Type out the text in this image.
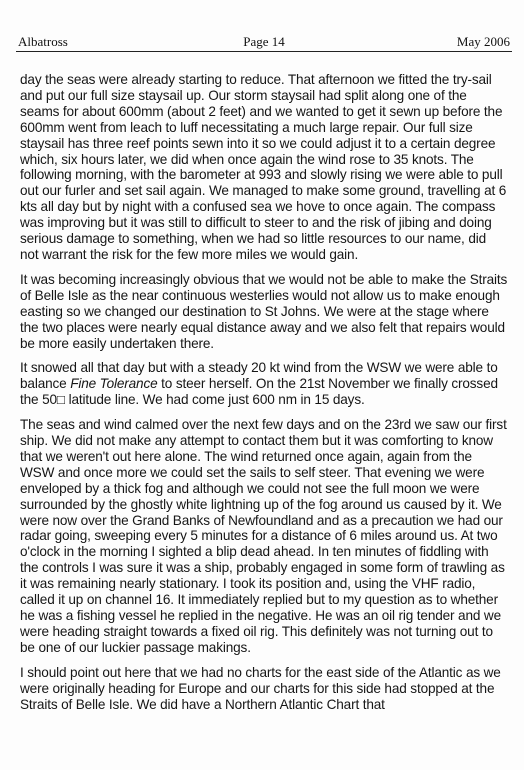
Albatross	Page 14	May 2006

day the seas were already starting to reduce. That afternoon we fitted the try-sail and put our full size staysail up. Our storm staysail had split along one of the seams for about 600mm (about 2 feet) and we wanted to get it sewn up before the 600mm went from leach to luff necessitating a much large repair. Our full size staysail has three reef points sewn into it so we could adjust it to a certain degree which, six hours later, we did when once again the wind rose to 35 knots. The following morning, with the barometer at 993 and slowly rising we were able to pull out our furler and set sail again. We managed to make some ground, travelling at 6 kts all day but by night with a confused sea we hove to once again. The compass was improving but it was still to difficult to steer to and the risk of jibing and doing serious damage to something, when we had so little resources to our name, did not warrant the risk for the few more miles we would gain.

It was becoming increasingly obvious that we would not be able to make the Straits of Belle Isle as the near continuous westerlies would not allow us to make enough easting so we changed our destination to St Johns. We were at the stage where the two places were nearly equal distance away and we also felt that repairs would be more easily undertaken there.

It snowed all that day but with a steady 20 kt wind from the WSW we were able to balance Fine Tolerance to steer herself. On the 21st November we finally crossed the 50□ latitude line. We had come just 600 nm in 15 days.

The seas and wind calmed over the next few days and on the 23rd we saw our first ship. We did not make any attempt to contact them but it was comforting to know that we weren't out here alone. The wind returned once again, again from the WSW and once more we could set the sails to self steer. That evening we were enveloped by a thick fog and although we could not see the full moon we were surrounded by the ghostly white lightning up of the fog around us caused by it. We were now over the Grand Banks of Newfoundland and as a precaution we had our radar going, sweeping every 5 minutes for a distance of 6 miles around us. At two o'clock in the morning I sighted a blip dead ahead. In ten minutes of fiddling with the controls I was sure it was a ship, probably engaged in some form of trawling as it was remaining nearly stationary. I took its position and, using the VHF radio, called it up on channel 16. It immediately replied but to my question as to whether he was a fishing vessel he replied in the negative. He was an oil rig tender and we were heading straight towards a fixed oil rig. This definitely was not turning out to be one of our luckier passage makings.

I should point out here that we had no charts for the east side of the Atlantic as we were originally heading for Europe and our charts for this side had stopped at the Straits of Belle Isle. We did have a Northern Atlantic Chart that
